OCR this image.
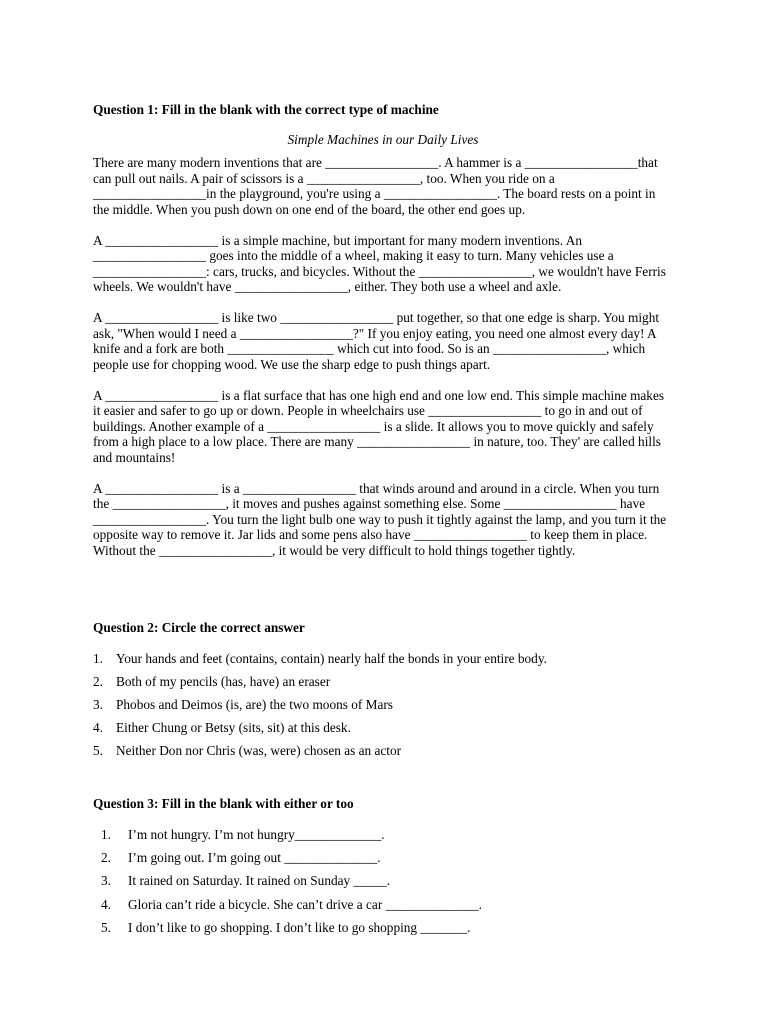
Question 1: Fill in the blank with the correct type of machine

Simple Machines in our Daily Lives

There are many modern inventions that are _________________. A hammer is a _________________that can pull out nails. A pair of scissors is a _________________, too. When you ride on a _________________in the playground, you're using a _________________. The board rests on a point in the middle. When you push down on one end of the board, the other end goes up.

A _________________ is a simple machine, but important for many modern inventions. An _________________ goes into the middle of a wheel, making it easy to turn. Many vehicles use a _________________: cars, trucks, and bicycles. Without the _________________, we wouldn't have Ferris wheels. We wouldn't have _________________, either. They both use a wheel and axle.

A _________________ is like two _________________ put together, so that one edge is sharp. You might ask, "When would I need a _________________?" If you enjoy eating, you need one almost every day! A knife and a fork are both ________________ which cut into food. So is an _________________, which people use for chopping wood. We use the sharp edge to push things apart.

A _________________ is a flat surface that has one high end and one low end. This simple machine makes it easier and safer to go up or down. People in wheelchairs use _________________ to go in and out of buildings. Another example of a _________________ is a slide. It allows you to move quickly and safely from a high place to a low place. There are many _________________ in nature, too. They' are called hills and mountains!

A _________________ is a _________________ that winds around and around in a circle. When you turn the _________________, it moves and pushes against something else. Some _________________ have _________________. You turn the light bulb one way to push it tightly against the lamp, and you turn it the opposite way to remove it. Jar lids and some pens also have _________________ to keep them in place. Without the _________________, it would be very difficult to hold things together tightly.

Question 2: Circle the correct answer

1. Your hands and feet (contains, contain) nearly half the bonds in your entire body.
2. Both of my pencils (has, have) an eraser
3. Phobos and Deimos (is, are) the two moons of Mars
4. Either Chung or Betsy (sits, sit) at this desk.
5. Neither Don nor Chris (was, were) chosen as an actor

Question 3: Fill in the blank with either or too

1. I’m not hungry. I’m not hungry_____________.
2. I’m going out. I’m going out ______________.
3. It rained on Saturday. It rained on Sunday _____.
4. Gloria can’t ride a bicycle. She can’t drive a car ______________.
5. I don’t like to go shopping. I don’t like to go shopping _______.
